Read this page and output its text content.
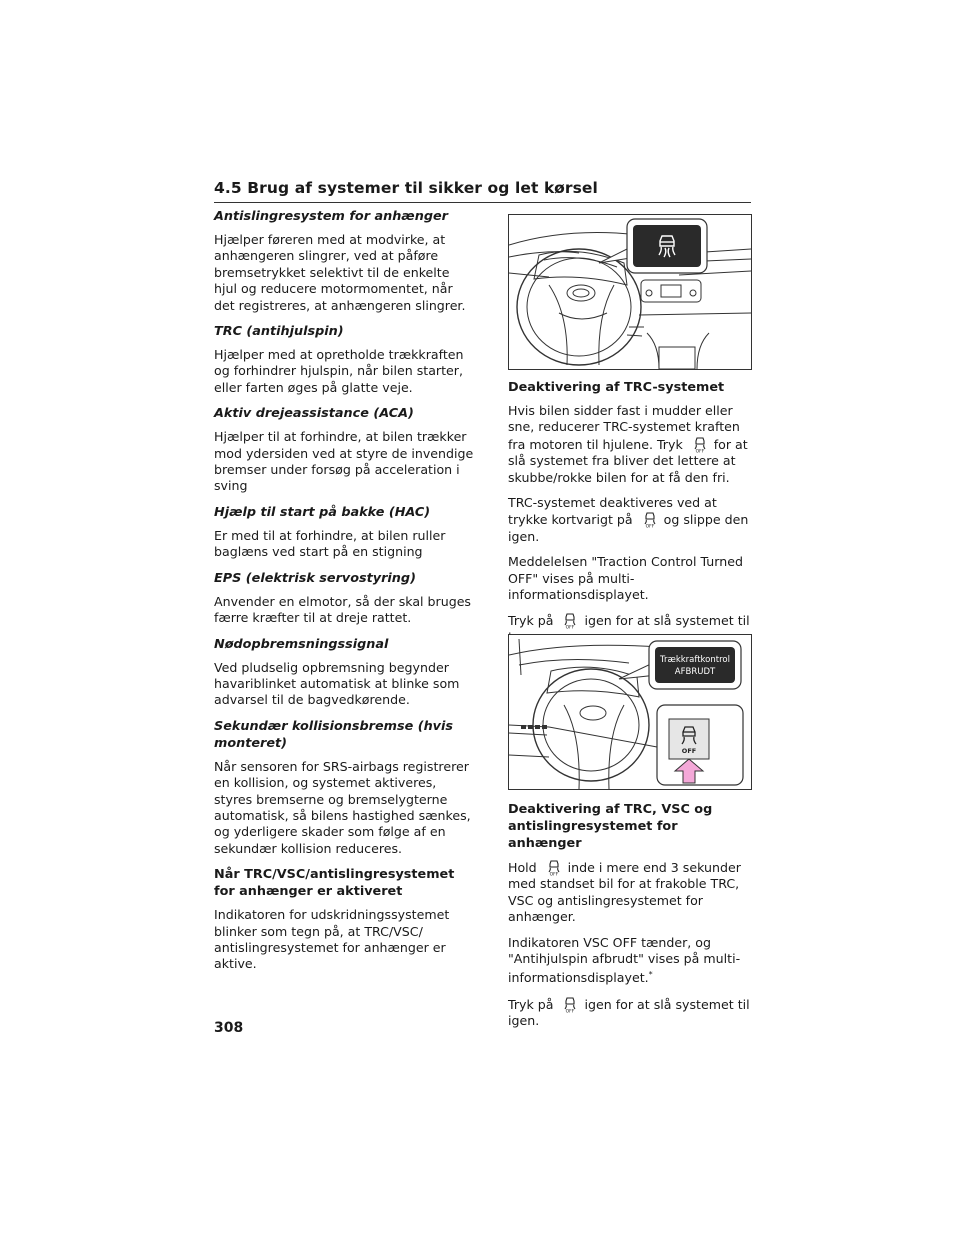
4.5 Brug af systemer til sikker og let kørsel
Antislingresystem for anhænger

Hjælper føreren med at modvirke, at anhængeren slingrer, ved at påføre bremsetrykket selektivt til de enkelte hjul og reducere motormomentet, når det registreres, at anhængeren slingrer.

TRC (antihjulspin)

Hjælper med at opretholde trækkraften og forhindrer hjulspin, når bilen starter, eller farten øges på glatte veje.

Aktiv drejeassistance (ACA)

Hjælper til at forhindre, at bilen trækker mod ydersiden ved at styre de invendige bremser under forsøg på acceleration i sving

Hjælp til start på bakke (HAC)

Er med til at forhindre, at bilen ruller baglæns ved start på en stigning

EPS (elektrisk servostyring)

Anvender en elmotor, så der skal bruges færre kræfter til at dreje rattet.

Nødopbremsningssignal

Ved pludselig opbremsning begynder havariblinket automatisk at blinke som advarsel til de bagvedkørende.

Sekundær kollisionsbremse (hvis monteret)

Når sensoren for SRS-airbags registrerer en kollision, og systemet aktiveres, styres bremserne og bremselygterne automatisk, så bilens hastighed sænkes, og yderligere skader som følge af en sekundær kollision reduceres.

Når TRC/VSC/antislingresystemet for anhænger er aktiveret

Indikatoren for udskridningssystemet blinker som tegn på, at TRC/VSC/ antislingresystemet for anhænger er aktive.

Deaktivering af TRC-systemet

Hvis bilen sidder fast i mudder eller sne, reducerer TRC-systemet kraften fra motoren til hjulene. Tryk OFF for at slå systemet fra bliver det lettere at skubbe/rokke bilen for at få den fri.

TRC-systemet deaktiveres ved at trykke kortvarigt på OFF og slippe den igen.

Meddelelsen "Traction Control Turned OFF" vises på multi-informationsdisplayet.

Tryk på OFF igen for at slå systemet til

Trækkraftkontrol
AFBRUDT
OFF
Deaktivering af TRC, VSC og antislingresystemet for anhænger

Hold OFF inde i mere end 3 sekunder med standset bil for at frakoble TRC, VSC og antislingresystemet for anhænger.

Indikatoren VSC OFF tænder, og "Antihjulspin afbrudt" vises på multi-informationsdisplayet.*

Tryk på OFF igen for at slå systemet til igen.

308
